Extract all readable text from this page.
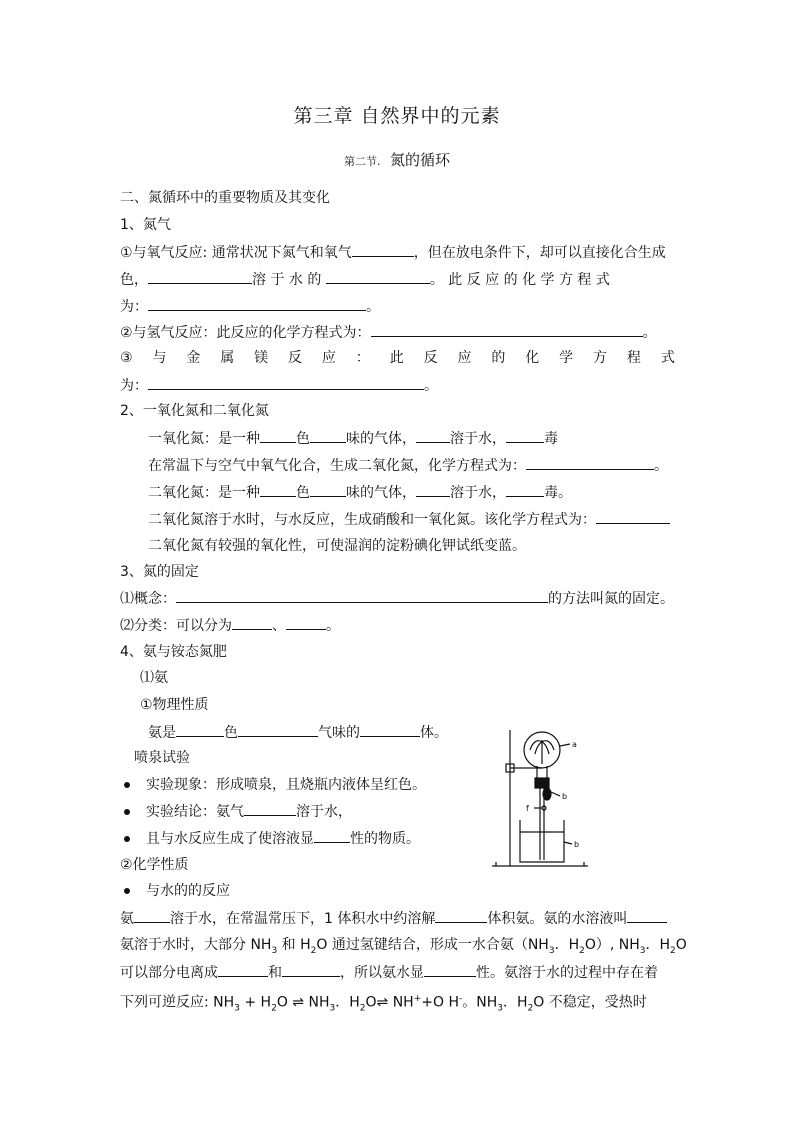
第三章 自然界中的元素
第二节. 氮的循环
二、氮循环中的重要物质及其变化
1、氮气
①与氧气反应: 通常状况下氮气和氧气	，但在放电条件下，却可以直接化合生成
色，	溶 于 水 的	。 此 反 应 的 化 学 方 程 式
为：	。
②与氢气反应：此反应的化学方程式为：	。
③ 与 金 属 镁 反 应 ： 此 反 应 的 化 学 方 程 式
为：	。
2、一氧化氮和二氧化氮
一氧化氮：是一种	色	味的气体， 溶于水，	毒
在常温下与空气中氧气化合，生成二氧化氮，化学方程式为：	。
二氧化氮：是一种	色	味的气体， 溶于水，	毒。
二氧化氮溶于水时，与水反应，生成硝酸和一氧化氮。该化学方程式为：
二氧化氮有较强的氧化性，可使湿润的淀粉碘化钾试纸变蓝。
3、氮的固定
⑴概念：	的方法叫氮的固定。
⑵分类：可以分为	、	。
4、氨与铵态氮肥
⑴氨
①物理性质
氨是	色	气味的	体。
喷泉试验
实验现象：形成喷泉，且烧瓶内液体呈红色。
实验结论：氨气	溶于水，
且与水反应生成了使溶液显	性的物质。
②化学性质
与水的的反应
氨	溶于水，在常温常压下，1 体积水中约溶解	体积氨。氨的水溶液叫
氨溶于水时，大部分 $NH_3$ 和 $H_2O$ 通过氢键结合，形成一水合氨（$NH_3$．$H_2O$）, $NH_3$．$H_2O$
可以部分电离成	和	，所以氨水显	性。氨溶于水的过程中存在着
下列可逆反应: $NH_3 + H_2O$ ⇌ $NH_3$．$H_2O\rightleftharpoons$ NH++O H-。$NH_3$．$H_2O$ 不稳定，受热时
a
b
b
f
